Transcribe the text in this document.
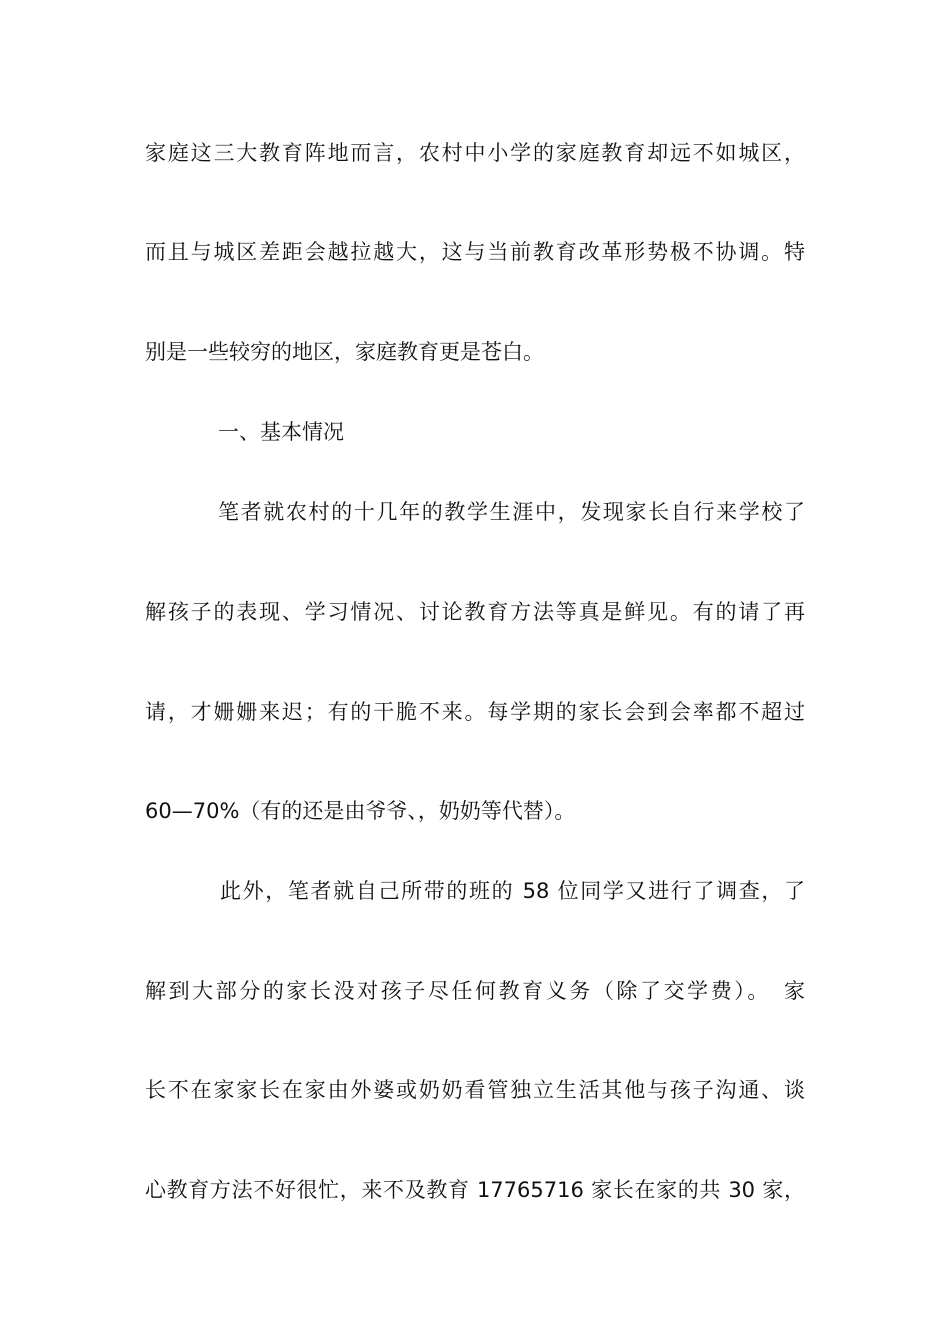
家庭这三大教育阵地而言，农村中小学的家庭教育却远不如城区，
而且与城区差距会越拉越大，这与当前教育改革形势极不协调。特
别是一些较穷的地区，家庭教育更是苍白。
一、基本情况
笔者就农村的十几年的教学生涯中，发现家长自行来学校了
解孩子的表现、学习情况、讨论教育方法等真是鲜见。有的请了再
请，才姗姗来迟；有的干脆不来。每学期的家长会到会率都不超过
60—70%（有的还是由爷爷、，奶奶等代替）。
此外，笔者就自己所带的班的 58 位同学又进行了调查，了
解到大部分的家长没对孩子尽任何教育义务（除了交学费）。　家
长不在家家长在家由外婆或奶奶看管独立生活其他与孩子沟通、谈
心教育方法不好很忙，来不及教育 17765716 家长在家的共 30 家，
